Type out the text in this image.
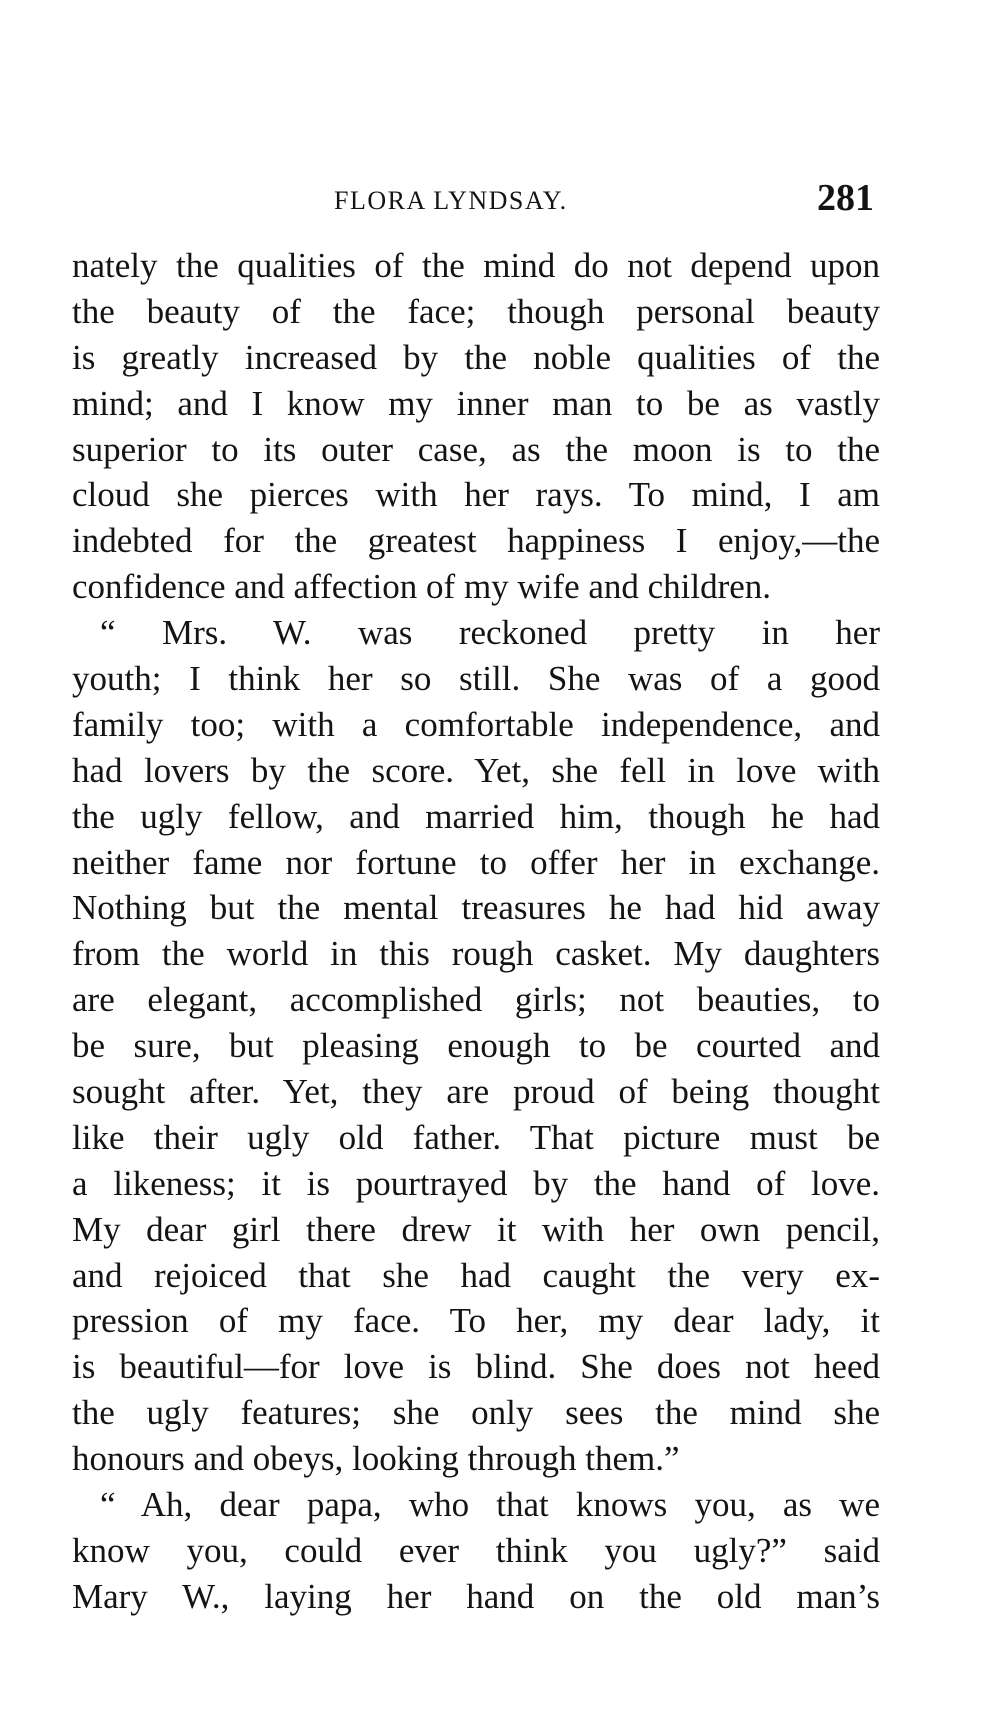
FLORA LYNDSAY.	281
nately the qualities of the mind do not depend upon
the beauty of the face; though personal beauty
is greatly increased by the noble qualities of the
mind; and I know my inner man to be as vastly
superior to its outer case, as the moon is to the
cloud she pierces with her rays. To mind, I am
indebted for the greatest happiness I enjoy,—the
confidence and affection of my wife and children.
“ Mrs. W. was reckoned pretty in her
youth; I think her so still. She was of a good
family too; with a comfortable independence, and
had lovers by the score. Yet, she fell in love with
the ugly fellow, and married him, though he had
neither fame nor fortune to offer her in exchange.
Nothing but the mental treasures he had hid away
from the world in this rough casket. My daughters
are elegant, accomplished girls; not beauties, to
be sure, but pleasing enough to be courted and
sought after. Yet, they are proud of being thought
like their ugly old father. That picture must be
a likeness; it is pourtrayed by the hand of love.
My dear girl there drew it with her own pencil,
and rejoiced that she had caught the very ex-
pression of my face. To her, my dear lady, it
is beautiful—for love is blind. She does not heed
the ugly features; she only sees the mind she
honours and obeys, looking through them.”
“ Ah, dear papa, who that knows you, as we
know you, could ever think you ugly?” said
Mary W., laying her hand on the old man’s
